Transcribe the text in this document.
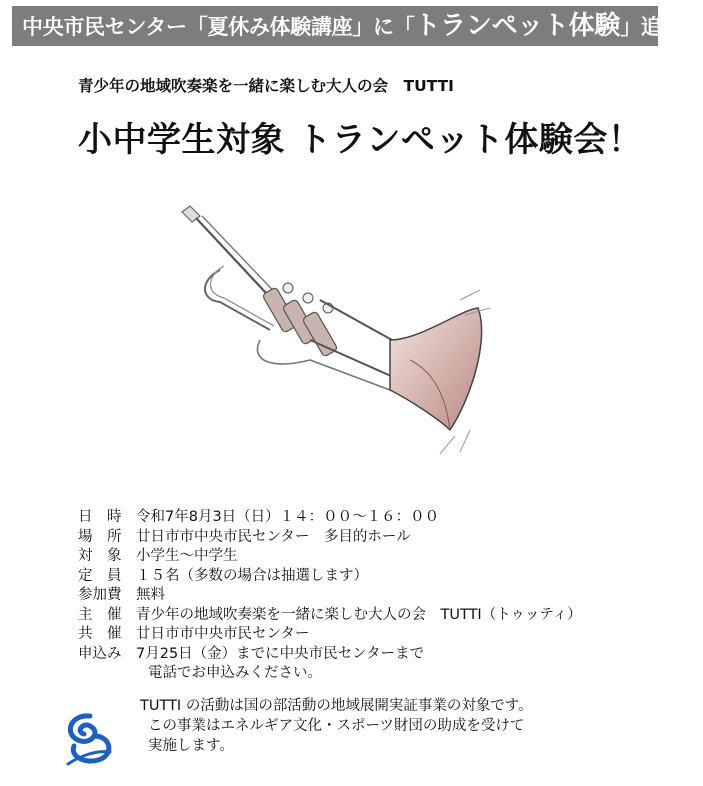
中央市民センター「夏休み体験講座」に「トランペット体験」追加！
青少年の地域吹奏楽を一緒に楽しむ大人の会　TUTTI
小中学生対象 トランペット体験会！
日　時	令和7年8月3日（日）１４：００〜１６：００
場　所	廿日市市中央市民センター　多目的ホール
対　象	小学生〜中学生
定　員	１５名（多数の場合は抽選します）
参加費	無料
主　催	青少年の地域吹奏楽を一緒に楽しむ大人の会　TUTTI（トゥッティ）
共　催	廿日市市中央市民センター
申込み	7月25日（金）までに中央市民センターまで
電話でお申込みください。
TUTTI の活動は国の部活動の地域展開実証事業の対象です。
この事業はエネルギア文化・スポーツ財団の助成を受けて
実施します。
